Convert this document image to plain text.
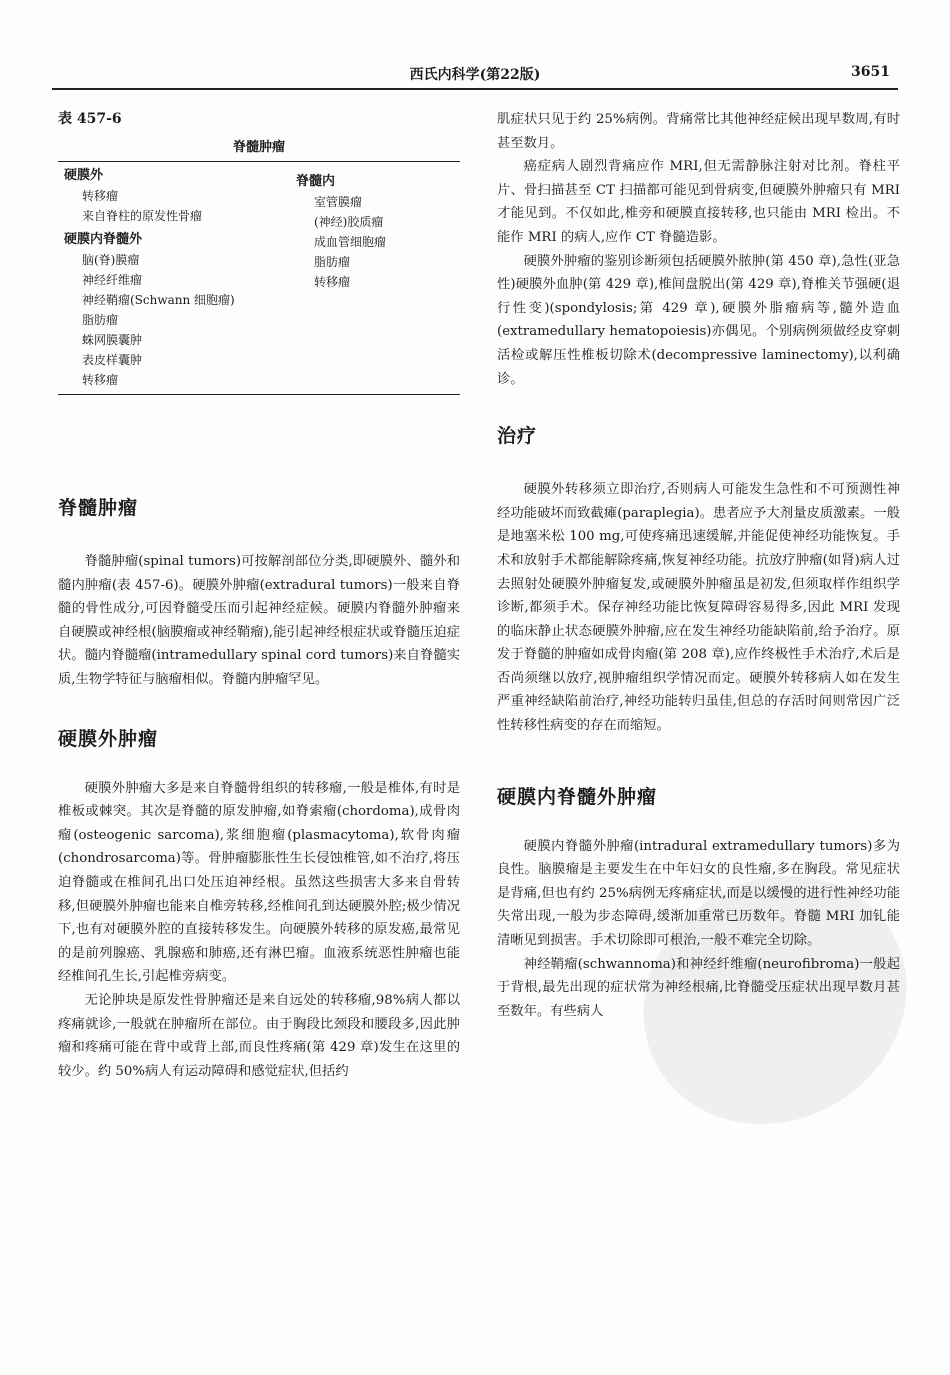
西氏内科学(第22版)	3651
表 457-6
脊髓肿瘤
硬膜外
转移瘤
来自脊柱的原发性骨瘤
硬膜内脊髓外
脑(脊)膜瘤
神经纤维瘤
神经鞘瘤(Schwann 细胞瘤)
脂肪瘤
蛛网膜囊肿
表皮样囊肿
转移瘤
脊髓内
室管膜瘤
(神经)胶质瘤
成血管细胞瘤
脂肪瘤
转移瘤
脊髓肿瘤

脊髓肿瘤(spinal tumors)可按解剖部位分类,即硬膜外、髓外和髓内肿瘤(表 457-6)。硬膜外肿瘤(extradural tumors)一般来自脊髓的骨性成分,可因脊髓受压而引起神经症候。硬膜内脊髓外肿瘤来自硬膜或神经根(脑膜瘤或神经鞘瘤),能引起神经根症状或脊髓压迫症状。髓内脊髓瘤(intramedullary spinal cord tumors)来自脊髓实质,生物学特征与脑瘤相似。脊髓内肿瘤罕见。

硬膜外肿瘤

硬膜外肿瘤大多是来自脊髓骨组织的转移瘤,一般是椎体,有时是椎板或棘突。其次是脊髓的原发肿瘤,如脊索瘤(chordoma),成骨肉瘤(osteogenic sarcoma),浆细胞瘤(plasmacytoma),软骨肉瘤(chondrosarcoma)等。骨肿瘤膨胀性生长侵蚀椎管,如不治疗,将压迫脊髓或在椎间孔出口处压迫神经根。虽然这些损害大多来自骨转移,但硬膜外肿瘤也能来自椎旁转移,经椎间孔到达硬膜外腔;极少情况下,也有对硬膜外腔的直接转移发生。向硬膜外转移的原发癌,最常见的是前列腺癌、乳腺癌和肺癌,还有淋巴瘤。血液系统恶性肿瘤也能经椎间孔生长,引起椎旁病变。

无论肿块是原发性骨肿瘤还是来自远处的转移瘤,98%病人都以疼痛就诊,一般就在肿瘤所在部位。由于胸段比颈段和腰段多,因此肿瘤和疼痛可能在背中或背上部,而良性疼痛(第 429 章)发生在这里的较少。约 50%病人有运动障碍和感觉症状,但括约

肌症状只见于约 25%病例。背痛常比其他神经症候出现早数周,有时甚至数月。

癌症病人剧烈背痛应作 MRI,但无需静脉注射对比剂。脊柱平片、骨扫描甚至 CT 扫描都可能见到骨病变,但硬膜外肿瘤只有 MRI 才能见到。不仅如此,椎旁和硬膜直接转移,也只能由 MRI 检出。不能作 MRI 的病人,应作 CT 脊髓造影。

硬膜外肿瘤的鉴别诊断须包括硬膜外脓肿(第 450 章),急性(亚急性)硬膜外血肿(第 429 章),椎间盘脱出(第 429 章),脊椎关节强硬(退行性变)(spondylosis;第 429 章),硬膜外脂瘤病等,髓外造血(extramedullary hematopoiesis)亦偶见。个别病例须做经皮穿刺活检或解压性椎板切除术(decompressive laminectomy),以利确诊。

治疗

硬膜外转移须立即治疗,否则病人可能发生急性和不可预测性神经功能破坏而致截瘫(paraplegia)。患者应予大剂量皮质激素。一般是地塞米松 100 mg,可使疼痛迅速缓解,并能促使神经功能恢复。手术和放射手术都能解除疼痛,恢复神经功能。抗放疗肿瘤(如肾)病人过去照射处硬膜外肿瘤复发,或硬膜外肿瘤虽是初发,但须取样作组织学诊断,都须手术。保存神经功能比恢复障碍容易得多,因此 MRI 发现的临床静止状态硬膜外肿瘤,应在发生神经功能缺陷前,给予治疗。原发于脊髓的肿瘤如成骨肉瘤(第 208 章),应作终极性手术治疗,术后是否尚须继以放疗,视肿瘤组织学情况而定。硬膜外转移病人如在发生严重神经缺陷前治疗,神经功能转归虽佳,但总的存活时间则常因广泛性转移性病变的存在而缩短。

硬膜内脊髓外肿瘤

硬膜内脊髓外肿瘤(intradural extramedullary tumors)多为良性。脑膜瘤是主要发生在中年妇女的良性瘤,多在胸段。常见症状是背痛,但也有约 25%病例无疼痛症状,而是以缓慢的进行性神经功能失常出现,一般为步态障碍,缓渐加重常已历数年。脊髓 MRI 加钆能清晰见到损害。手术切除即可根治,一般不难完全切除。

神经鞘瘤(schwannoma)和神经纤维瘤(neurofibroma)一般起于背根,最先出现的症状常为神经根痛,比脊髓受压症状出现早数月甚至数年。有些病人
